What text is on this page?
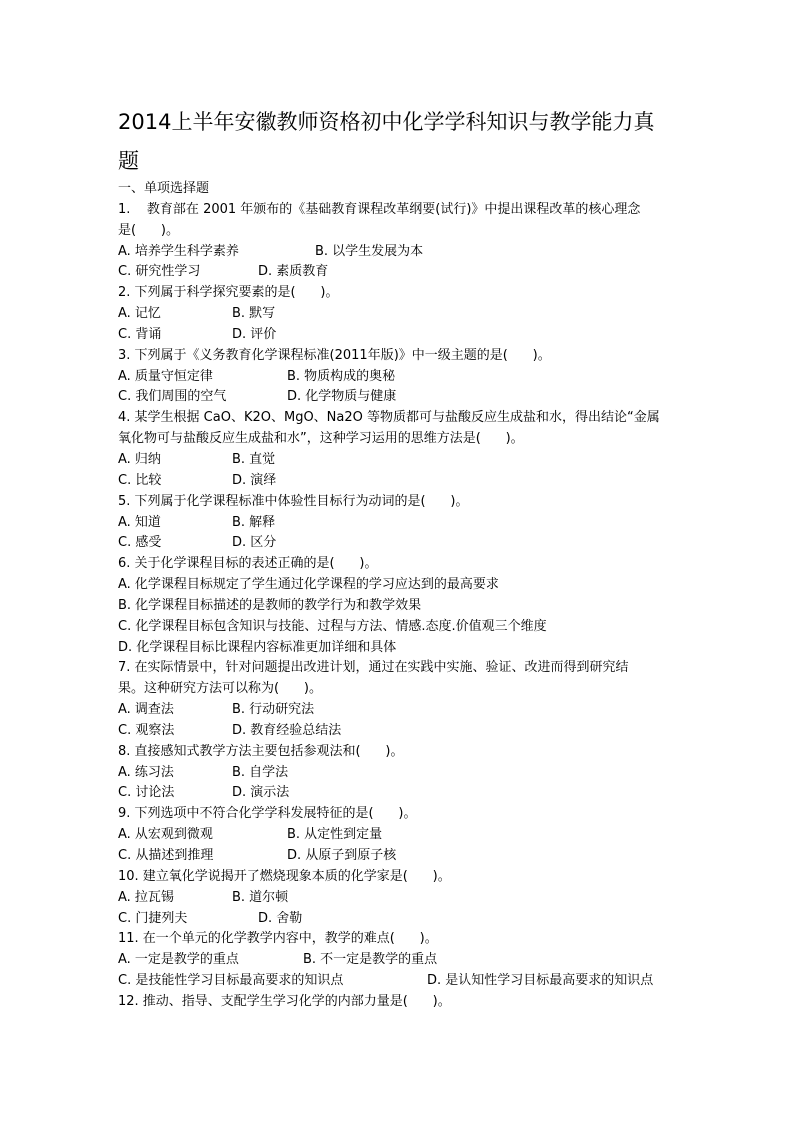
2014上半年安徽教师资格初中化学学科知识与教学能力真
题
一、单项选择题
1.    教育部在 2001 年颁布的《基础教育课程改革纲要(试行)》中提出课程改革的核心理念
是(      )。
A. 培养学生科学素养	B. 以学生发展为本
C. 研究性学习	D. 素质教育
2. 下列属于科学探究要素的是(      )。
A. 记忆	B. 默写
C. 背诵	D. 评价
3. 下列属于《义务教育化学课程标准(2011年版)》中一级主题的是(      )。
A. 质量守恒定律	B. 物质构成的奥秘
C. 我们周围的空气	D. 化学物质与健康
4. 某学生根据 CaO、K2O、MgO、Na2O 等物质都可与盐酸反应生成盐和水，得出结论“金属
氧化物可与盐酸反应生成盐和水”，这种学习运用的思维方法是(      )。
A. 归纳	B. 直觉
C. 比较	D. 演绎
5. 下列属于化学课程标准中体验性目标行为动词的是(      )。
A. 知道	B. 解释
C. 感受	D. 区分
6. 关于化学课程目标的表述正确的是(      )。
A. 化学课程目标规定了学生通过化学课程的学习应达到的最高要求
B. 化学课程目标描述的是教师的教学行为和教学效果
C. 化学课程目标包含知识与技能、过程与方法、情感.态度.价值观三个维度
D. 化学课程目标比课程内容标准更加详细和具体
7. 在实际情景中，针对问题提出改进计划，通过在实践中实施、验证、改进而得到研究结
果。这种研究方法可以称为(      )。
A. 调查法	B. 行动研究法
C. 观察法	D. 教育经验总结法
8. 直接感知式教学方法主要包括参观法和(      )。
A. 练习法	B. 自学法
C. 讨论法	D. 演示法
9. 下列选项中不符合化学学科发展特征的是(      )。
A. 从宏观到微观	B. 从定性到定量
C. 从描述到推理	D. 从原子到原子核
10. 建立氧化学说揭开了燃烧现象本质的化学家是(      )。
A. 拉瓦锡	B. 道尔顿
C. 门捷列夫	D. 舍勒
11. 在一个单元的化学教学内容中，教学的难点(      )。
A. 一定是教学的重点	B. 不一定是教学的重点
C. 是技能性学习目标最高要求的知识点	D. 是认知性学习目标最高要求的知识点
12. 推动、指导、支配学生学习化学的内部力量是(      )。
